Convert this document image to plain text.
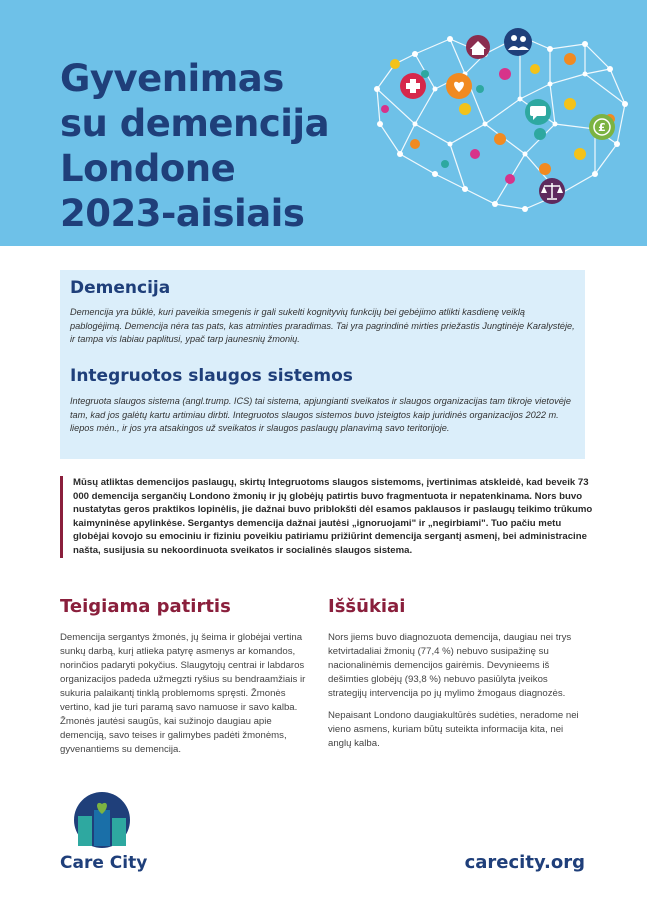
Gyvenimas
su demencija
Londone
2023-aisiais
£
Demencija

Demencija yra būklė, kuri paveikia smegenis ir gali sukelti kognityvių funkcijų bei gebėjimo atlikti kasdienę veiklą pablogėjimą. Demencija nėra tas pats, kas atminties praradimas. Tai yra pagrindinė mirties priežastis Jungtinėje Karalystėje, ir tampa vis labiau paplitusi, ypač tarp jaunesnių žmonių.

Integruotos slaugos sistemos

Integruota slaugos sistema (angl.trump. ICS) tai sistema, apjungianti sveikatos ir slaugos organizacijas tam tikroje vietovėje tam, kad jos galėtų kartu artimiau dirbti. Integruotos slaugos sistemos buvo įsteigtos kaip juridinės organizacijos 2022 m. liepos mėn., ir jos yra atsakingos už sveikatos ir slaugos paslaugų planavimą savo teritorijoje.

Mūsų atliktas demencijos paslaugų, skirtų Integruotoms slaugos sistemoms, įvertinimas atskleidė, kad beveik 73 000 demencija sergančių Londono žmonių ir jų globėjų patirtis buvo fragmentuota ir nepatenkinama. Nors buvo nustatytas geros praktikos lopinėlis, jie dažnai buvo priblokšti dėl esamos paklausos ir paslaugų teikimo trūkumo kaimyninėse apylinkėse. Sergantys demencija dažnai jautėsi „ignoruojami" ir „negirbiami". Tuo pačiu metu globėjai kovojo su emociniu ir fiziniu poveikiu patiriamu prižiūrint demencija sergantį asmenį, bei administracine našta, susijusia su nekoordinuota sveikatos ir socialinės slaugos sistema.
Teigiama patirtis

Demencija sergantys žmonės, jų šeima ir globėjai vertina sunkų darbą, kurį atlieka patyrę asmenys ar komandos, norinčios padaryti pokyčius. Slaugytojų centrai ir labdaros organizacijos padeda užmegzti ryšius su bendraamžiais ir sukuria palaikantį tinklą problemoms spręsti. Žmonės vertino, kad jie turi paramą savo namuose ir savo kalba. Žmonės jautėsi saugūs, kai sužinojo daugiau apie demenciją, savo teises ir galimybes padėti žmonėms, gyvenantiems su demencija.

Iššūkiai

Nors jiems buvo diagnozuota demencija, daugiau nei trys ketvirtadaliai žmonių (77,4 %) nebuvo susipažinę su nacionalinėmis demencijos gairėmis. Devynieems iš dešimties globėjų (93,8 %) nebuvo pasiūlyta įveikos strategijų intervencija po jų mylimo žmogaus diagnozės.

Nepaisant Londono daugiakultūrės sudėties, neradome nei vieno asmens, kuriam būtų suteikta informacija kita, nei anglų kalba.

Care City	carecity.org
